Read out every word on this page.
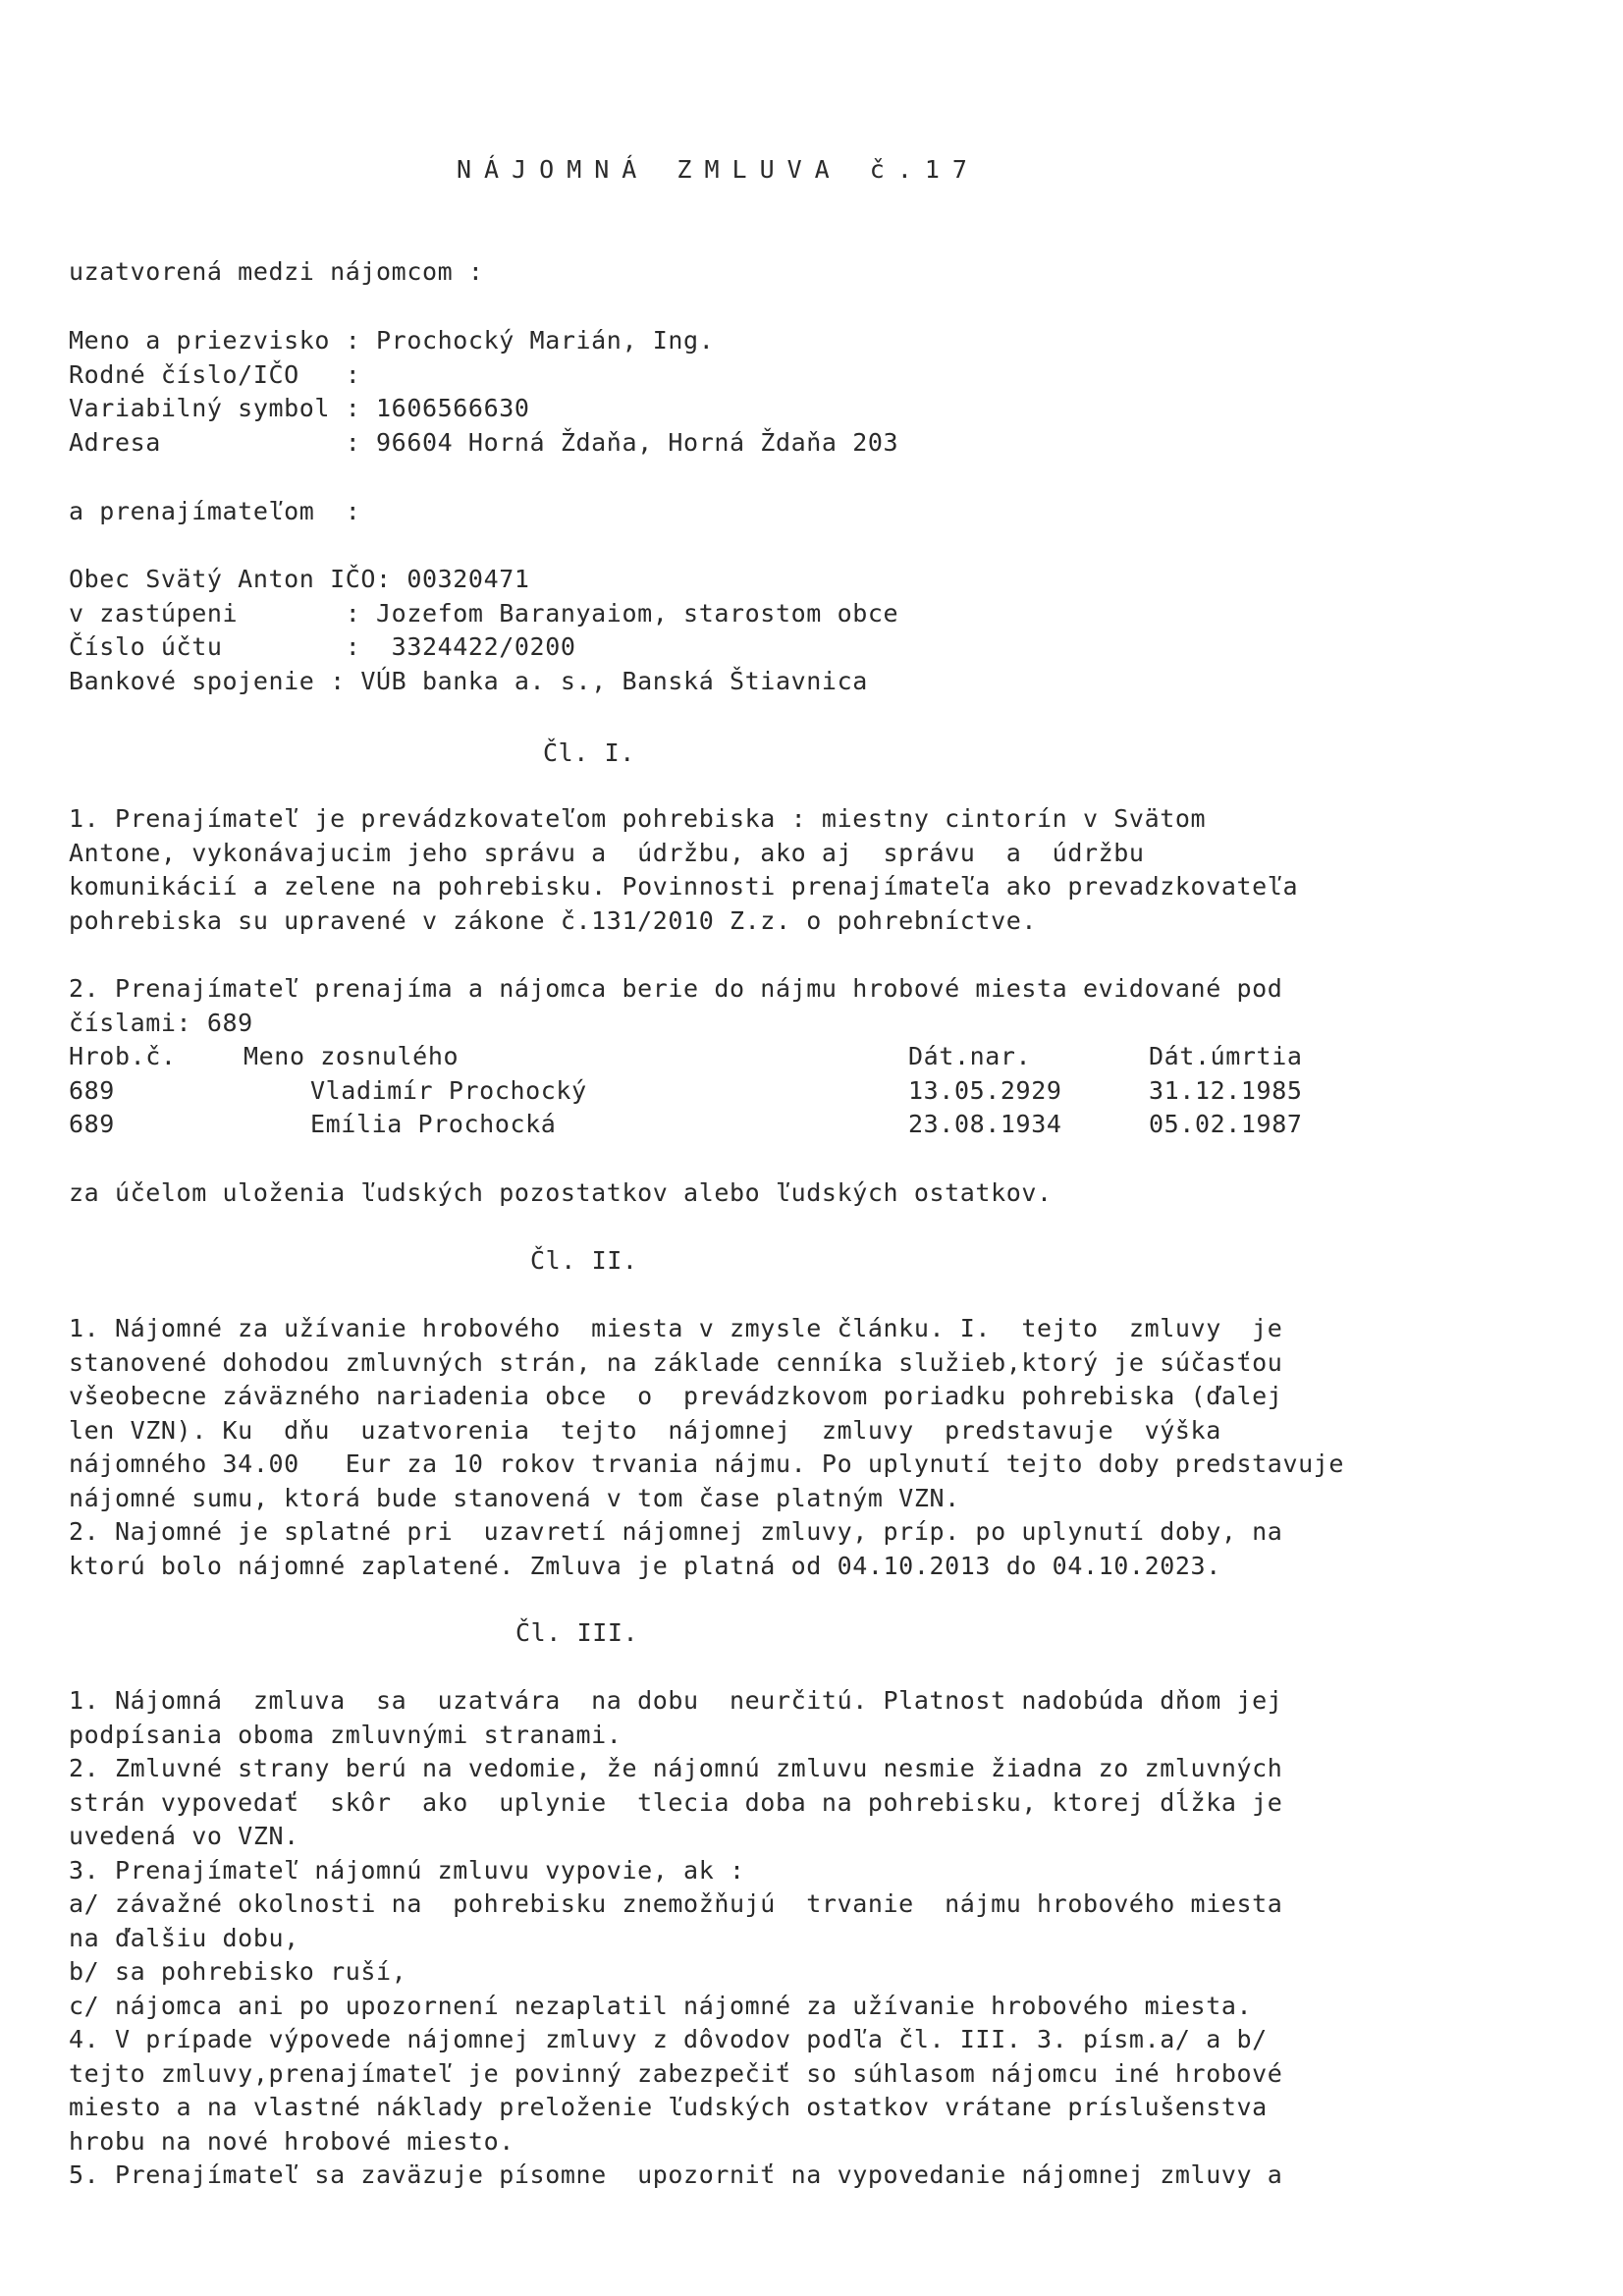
NÁJOMNÁ ZMLUVA č.17
uzatvorená medzi nájomcom :
Meno a priezvisko : Prochocký Marián, Ing.
Rodné číslo/IČO   :
Variabilný symbol : 1606566630
Adresa            : 96604 Horná Ždaňa, Horná Ždaňa 203
a prenajímateľom  :
Obec Svätý Anton IČO: 00320471
v zastúpeni       : Jozefom Baranyaiom, starostom obce
Číslo účtu        :  3324422/0200
Bankové spojenie : VÚB banka a. s., Banská Štiavnica
Čl. I.
1. Prenajímateľ je prevádzkovateľom pohrebiska : miestny cintorín v Svätom
Antone, vykonávajucim jeho správu a  údržbu, ako aj  správu  a  údržbu
komunikácií a zelene na pohrebisku. Povinnosti prenajímateľa ako prevadzkovateľa
pohrebiska su upravené v zákone č.131/2010 Z.z. o pohrebníctve.
2. Prenajímateľ prenajíma a nájomca berie do nájmu hrobové miesta evidované pod
číslami: 689
Hrob.č.	Meno zosnulého	Dát.nar.	Dát.úmrtia
689	Vladimír Prochocký	13.05.2929	31.12.1985
689	Emília Prochocká	23.08.1934	05.02.1987
za účelom uloženia ľudských pozostatkov alebo ľudských ostatkov.
Čl. II.
1. Nájomné za užívanie hrobového  miesta v zmysle článku. I.  tejto  zmluvy  je
stanovené dohodou zmluvných strán, na základe cenníka služieb,ktorý je súčasťou
všeobecne záväzného nariadenia obce  o  prevádzkovom poriadku pohrebiska (ďalej
len VZN). Ku  dňu  uzatvorenia  tejto  nájomnej  zmluvy  predstavuje  výška
nájomného 34.00   Eur za 10 rokov trvania nájmu. Po uplynutí tejto doby predstavuje
nájomné sumu, ktorá bude stanovená v tom čase platným VZN.
2. Najomné je splatné pri  uzavretí nájomnej zmluvy, príp. po uplynutí doby, na
ktorú bolo nájomné zaplatené. Zmluva je platná od 04.10.2013 do 04.10.2023.
Čl. III.
1. Nájomná  zmluva  sa  uzatvára  na dobu  neurčitú. Platnost nadobúda dňom jej
podpísania oboma zmluvnými stranami.
2. Zmluvné strany berú na vedomie, že nájomnú zmluvu nesmie žiadna zo zmluvných
strán vypovedať  skôr  ako  uplynie  tlecia doba na pohrebisku, ktorej dĺžka je
uvedená vo VZN.
3. Prenajímateľ nájomnú zmluvu vypovie, ak :
a/ závažné okolnosti na  pohrebisku znemožňujú  trvanie  nájmu hrobového miesta
na ďalšiu dobu,
b/ sa pohrebisko ruší,
c/ nájomca ani po upozornení nezaplatil nájomné za užívanie hrobového miesta.
4. V prípade výpovede nájomnej zmluvy z dôvodov podľa čl. III. 3. písm.a/ a b/
tejto zmluvy,prenajímateľ je povinný zabezpečiť so súhlasom nájomcu iné hrobové
miesto a na vlastné náklady preloženie ľudských ostatkov vrátane príslušenstva
hrobu na nové hrobové miesto.
5. Prenajímateľ sa zaväzuje písomne  upozorniť na vypovedanie nájomnej zmluvy a
